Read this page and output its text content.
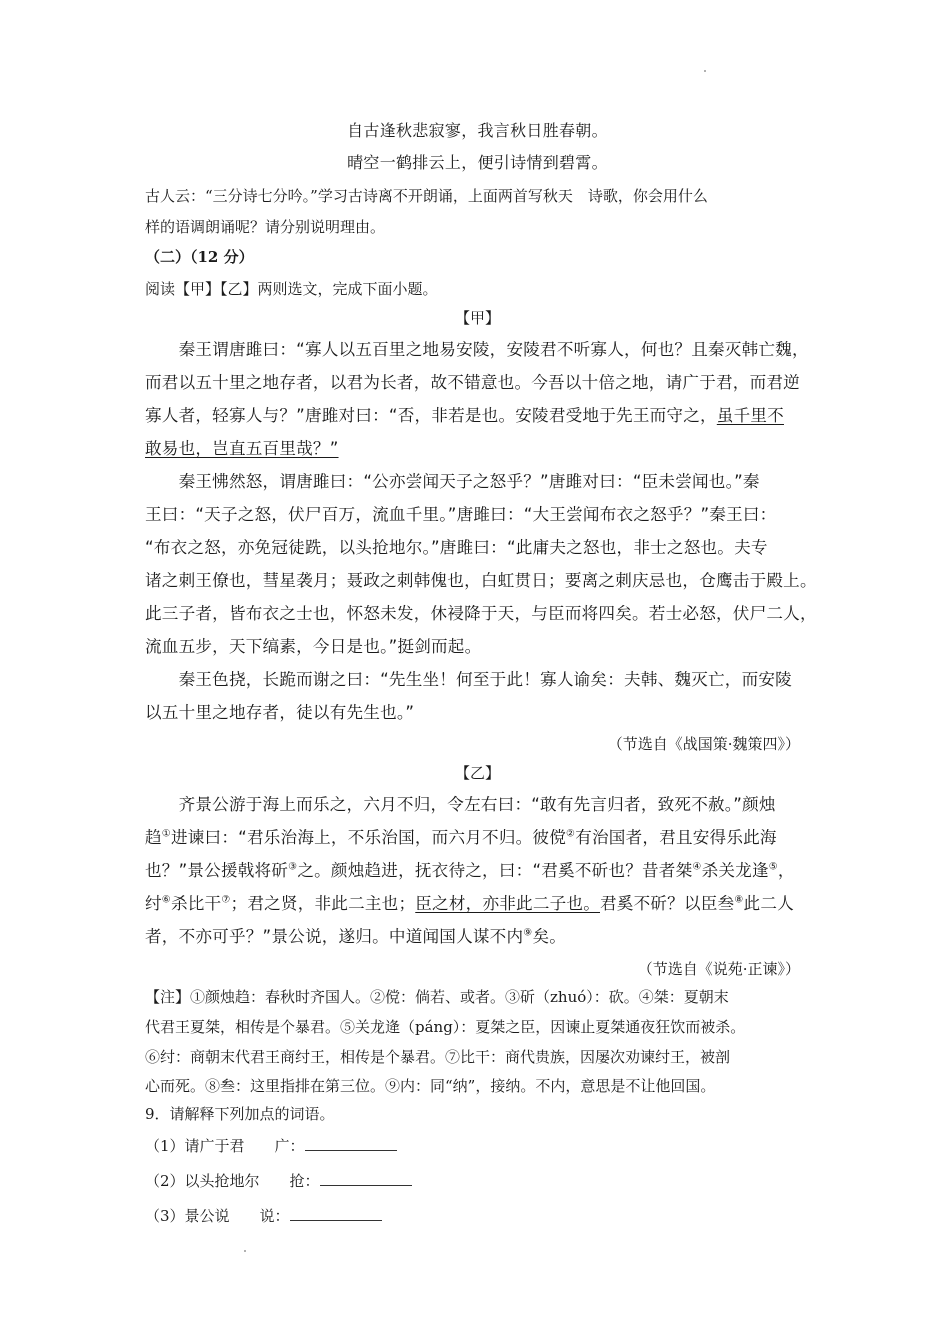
自古逢秋悲寂寥，我言秋日胜春朝。
晴空一鹤排云上，便引诗情到碧霄。
古人云：“三分诗七分吟。”学习古诗离不开朗诵，上面两首写秋天　诗歌，你会用什么
样的语调朗诵呢？请分别说明理由。
（二）（12 分）
阅读【甲】【乙】两则选文，完成下面小题。
【甲】
　　秦王谓唐雎曰：“寡人以五百里之地易安陵，安陵君不听寡人，何也？且秦灭韩亡魏，
而君以五十里之地存者，以君为长者，故不错意也。今吾以十倍之地，请广于君，而君逆
寡人者，轻寡人与？”唐雎对曰：“否，非若是也。安陵君受地于先王而守之，虽千里不
敢易也，岂直五百里哉？”
　　秦王怫然怒，谓唐雎曰：“公亦尝闻天子之怒乎？”唐雎对曰：“臣未尝闻也。”秦
王曰：“天子之怒，伏尸百万，流血千里。”唐雎曰：“大王尝闻布衣之怒乎？”秦王曰：
“布衣之怒，亦免冠徒跣，以头抢地尔。”唐雎曰：“此庸夫之怒也，非士之怒也。夫专
诸之刺王僚也，彗星袭月；聂政之刺韩傀也，白虹贯日；要离之刺庆忌也，仓鹰击于殿上。
此三子者，皆布衣之士也，怀怒未发，休祲降于天，与臣而将四矣。若士必怒，伏尸二人，
流血五步，天下缟素，今日是也。”挺剑而起。
　　秦王色挠，长跪而谢之曰：“先生坐！何至于此！寡人谕矣：夫韩、魏灭亡，而安陵
以五十里之地存者，徒以有先生也。”
（节选自《战国策·魏策四》）
【乙】
　　齐景公游于海上而乐之，六月不归，令左右曰：“敢有先言归者，致死不赦。”颜烛
趋①进谏曰：“君乐治海上，不乐治国，而六月不归。彼傥②有治国者，君且安得乐此海
也？”景公援戟将斫③之。颜烛趋进，抚衣待之，曰：“君奚不斫也？昔者桀④杀关龙逢⑤，
纣⑥杀比干⑦；君之贤，非此二主也；臣之材，亦非此二子也。君奚不斫？以臣叁⑧此二人
者，不亦可乎？”景公说，遂归。中道闻国人谋不内⑨矣。
（节选自《说苑·正谏》）
【注】①颜烛趋：春秋时齐国人。②傥：倘若、或者。③斫（zhuó）：砍。④桀：夏朝末
代君王夏桀，相传是个暴君。⑤关龙逄（páng）：夏桀之臣，因谏止夏桀通夜狂饮而被杀。
⑥纣：商朝末代君王商纣王，相传是个暴君。⑦比干：商代贵族，因屡次劝谏纣王，被剖
心而死。⑧叁：这里指排在第三位。⑨内：同“纳”，接纳。不内，意思是不让他回国。
9．请解释下列加点的词语。
（1）请广于君 广：
（2）以头抢地尔 抢：
（3）景公说 说：
